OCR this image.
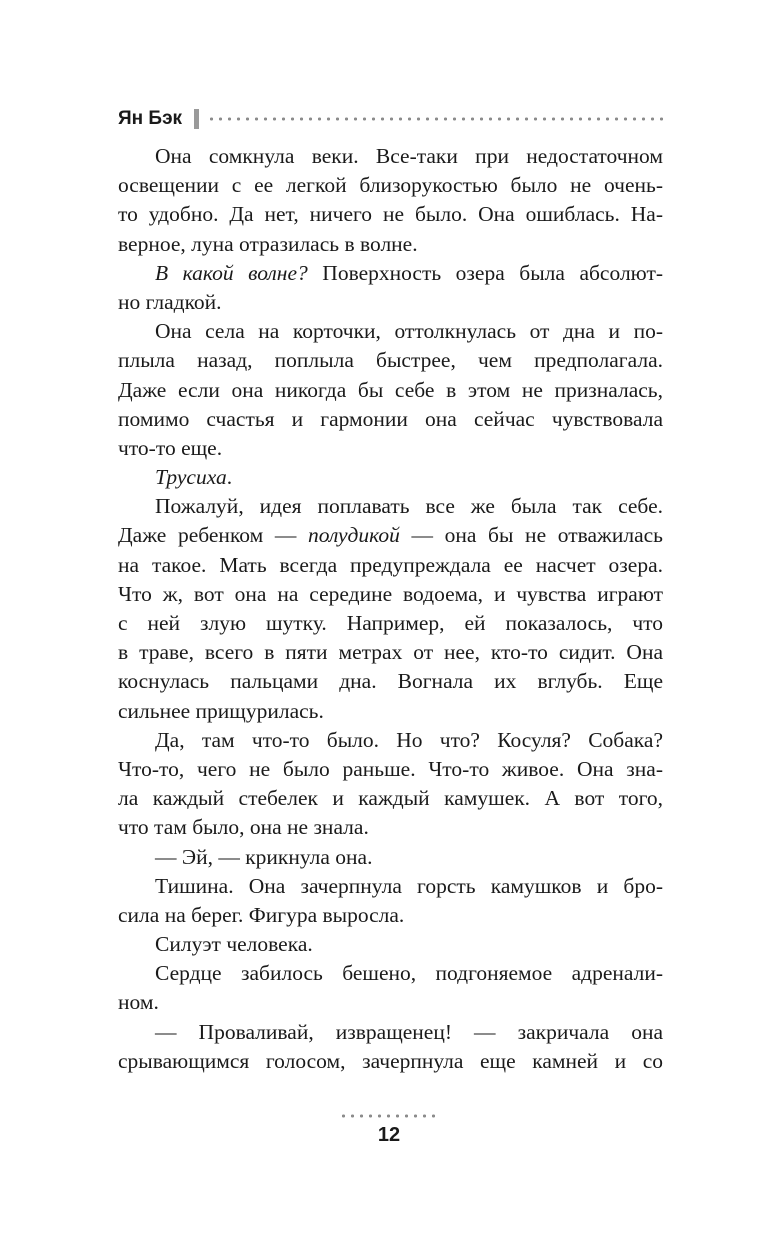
Ян Бэк
Она сомкнула веки. Все-таки при недостаточном
освещении с ее легкой близорукостью было не очень-
то удобно. Да нет, ничего не было. Она ошиблась. На-
верное, луна отразилась в волне.
В какой волне? Поверхность озера была абсолют-
но гладкой.
Она села на корточки, оттолкнулась от дна и по-
плыла назад, поплыла быстрее, чем предполагала.
Даже если она никогда бы себе в этом не призналась,
помимо счастья и гармонии она сейчас чувствовала
что-то еще.
Трусиха.
Пожалуй, идея поплавать все же была так себе.
Даже ребенком — полудикой — она бы не отважилась
на такое. Мать всегда предупреждала ее насчет озера.
Что ж, вот она на середине водоема, и чувства играют
с ней злую шутку. Например, ей показалось, что
в траве, всего в пяти метрах от нее, кто-то сидит. Она
коснулась пальцами дна. Вогнала их вглубь. Еще
сильнее прищурилась.
Да, там что-то было. Но что? Косуля? Собака?
Что-то, чего не было раньше. Что-то живое. Она зна-
ла каждый стебелек и каждый камушек. А вот того,
что там было, она не знала.
— Эй, — крикнула она.
Тишина. Она зачерпнула горсть камушков и бро-
сила на берег. Фигура выросла.
Силуэт человека.
Сердце забилось бешено, подгоняемое адренали-
ном.
— Проваливай, извращенец! — закричала она
срывающимся голосом, зачерпнула еще камней и со
12
